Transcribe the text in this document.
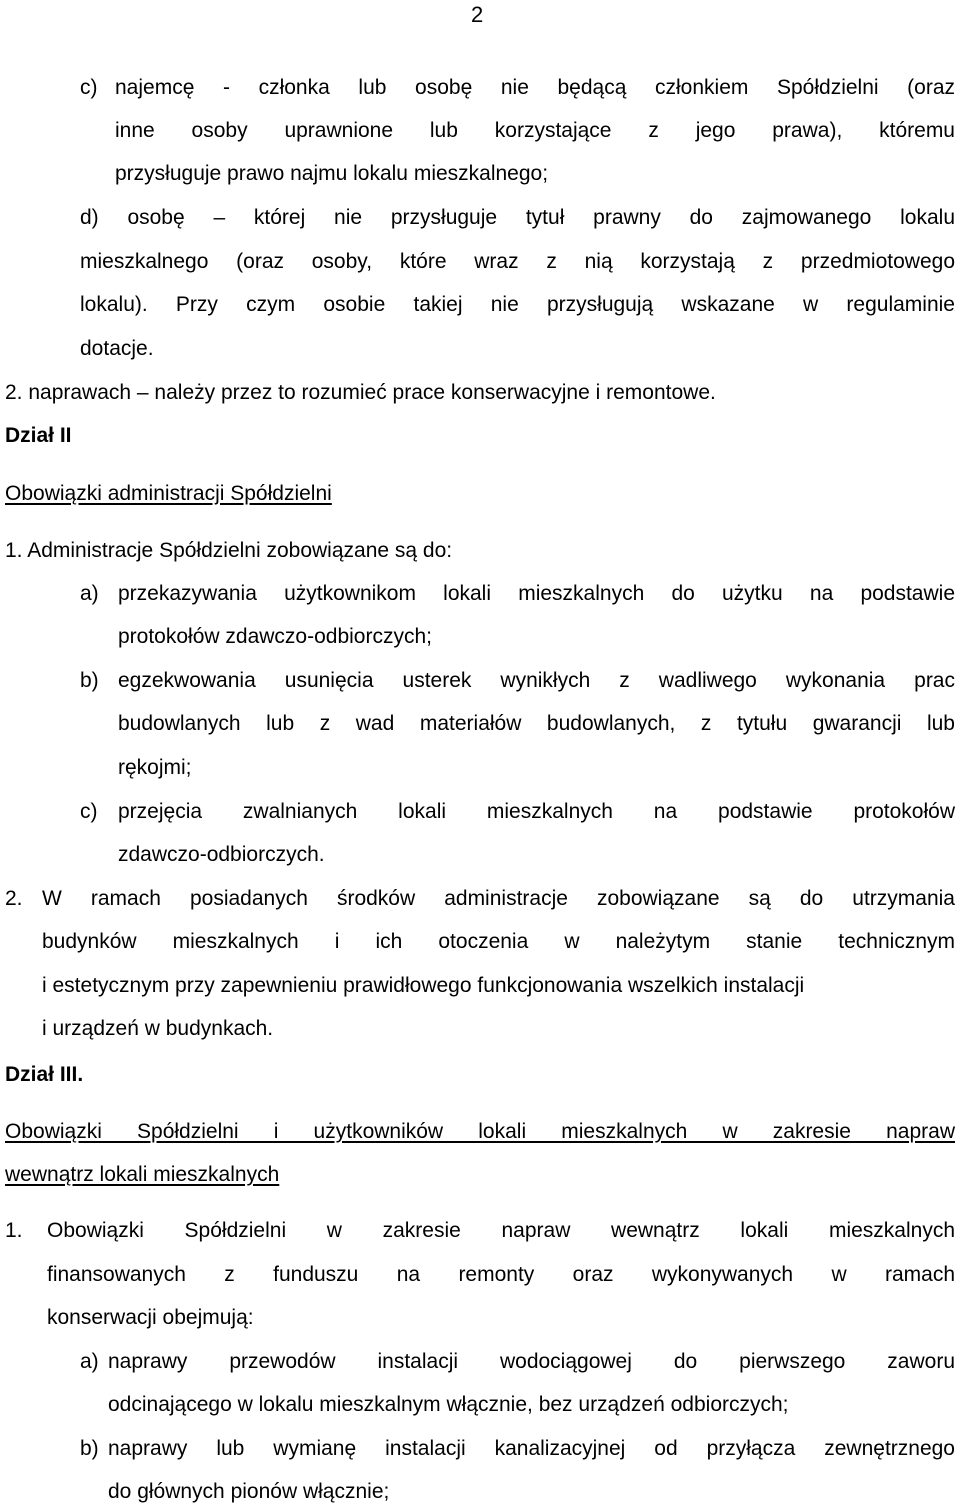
2
c) najemcę - członka lub osobę nie będącą członkiem Spółdzielni (oraz
inne osoby uprawnione lub korzystające z jego prawa), któremu
przysługuje prawo najmu lokalu mieszkalnego;
d) osobę – której nie przysługuje tytuł prawny do zajmowanego lokalu
mieszkalnego (oraz osoby, które wraz z nią korzystają z przedmiotowego
lokalu). Przy czym osobie takiej nie przysługują wskazane w regulaminie
dotacje.
2. naprawach – należy przez to rozumieć prace konserwacyjne i remontowe.
Dział II
Obowiązki administracji Spółdzielni
1. Administracje Spółdzielni zobowiązane są do:
a) przekazywania użytkownikom lokali mieszkalnych do użytku na podstawie
protokołów zdawczo-odbiorczych;
b) egzekwowania usunięcia usterek wynikłych z wadliwego wykonania prac
budowlanych lub z wad materiałów budowlanych, z tytułu gwarancji lub
rękojmi;
c) przejęcia zwalnianych lokali mieszkalnych na podstawie protokołów
zdawczo-odbiorczych.
2. W ramach posiadanych środków administracje zobowiązane są do utrzymania
budynków mieszkalnych i ich otoczenia w należytym stanie technicznym
i estetycznym przy zapewnieniu prawidłowego funkcjonowania wszelkich instalacji
i urządzeń w budynkach.
Dział III.
Obowiązki Spółdzielni i użytkowników lokali mieszkalnych w zakresie napraw
wewnątrz lokali mieszkalnych
1. Obowiązki Spółdzielni w zakresie napraw wewnątrz lokali mieszkalnych
finansowanych z funduszu na remonty oraz wykonywanych w ramach
konserwacji obejmują:
a) naprawy przewodów instalacji wodociągowej do pierwszego zaworu
odcinającego w lokalu mieszkalnym włącznie, bez urządzeń odbiorczych;
b) naprawy lub wymianę instalacji kanalizacyjnej od przyłącza zewnętrznego
do głównych pionów włącznie;
